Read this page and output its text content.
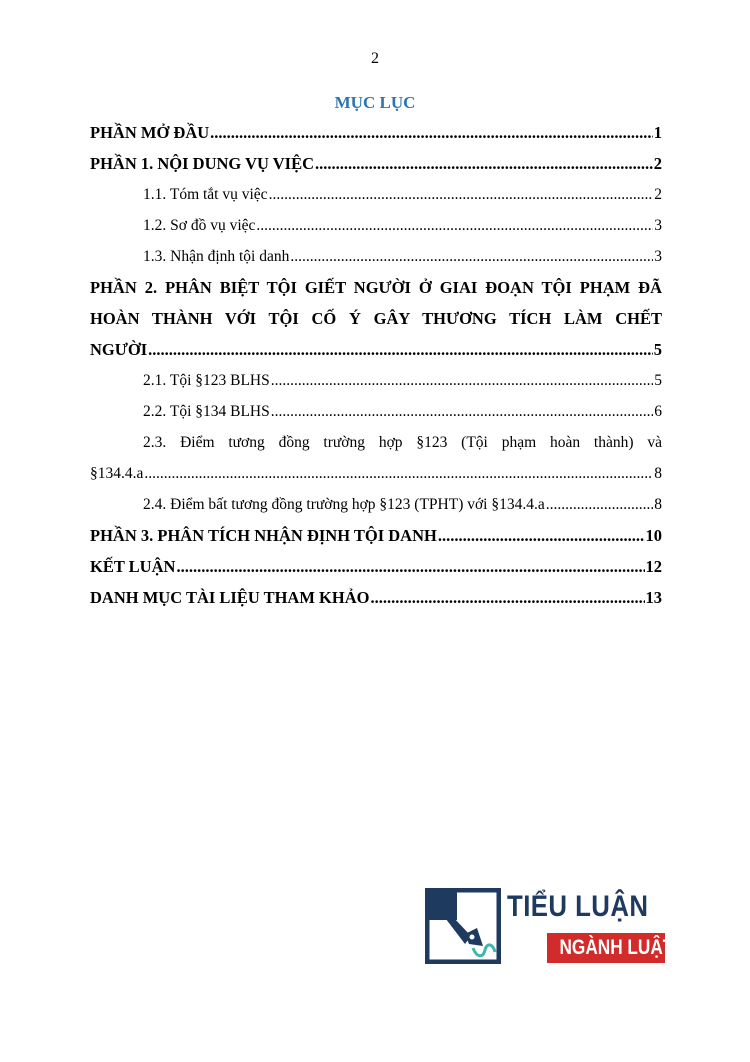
2
MỤC LỤC
PHẦN MỞ ĐẦU .....	1
PHẦN 1. NỘI DUNG VỤ VIỆC .....	2
1.1. Tóm tắt vụ việc .....	2
1.2. Sơ đồ vụ việc .....	3
1.3. Nhận định tội danh .....	3
PHẦN 2. PHÂN BIỆT TỘI GIẾT NGƯỜI Ở GIAI ĐOẠN TỘI PHẠM ĐÃ
HOÀN THÀNH VỚI TỘI CỐ Ý GÂY THƯƠNG TÍCH LÀM CHẾT
NGƯỜI .....	5
2.1. Tội §123 BLHS .....	5
2.2. Tội §134 BLHS .....	6
2.3. Điểm tương đồng trường hợp §123 (Tội phạm hoàn thành) và
§134.4.a .....	8
2.4. Điểm bất tương đồng trường hợp §123 (TPHT) với §134.4.a .....	8
PHẦN 3. PHÂN TÍCH NHẬN ĐỊNH TỘI DANH .....	10
KẾT LUẬN .....	12
DANH MỤC TÀI LIỆU THAM KHẢO .....	13
TIỂU LUẬN
NGÀNH LUẬT
